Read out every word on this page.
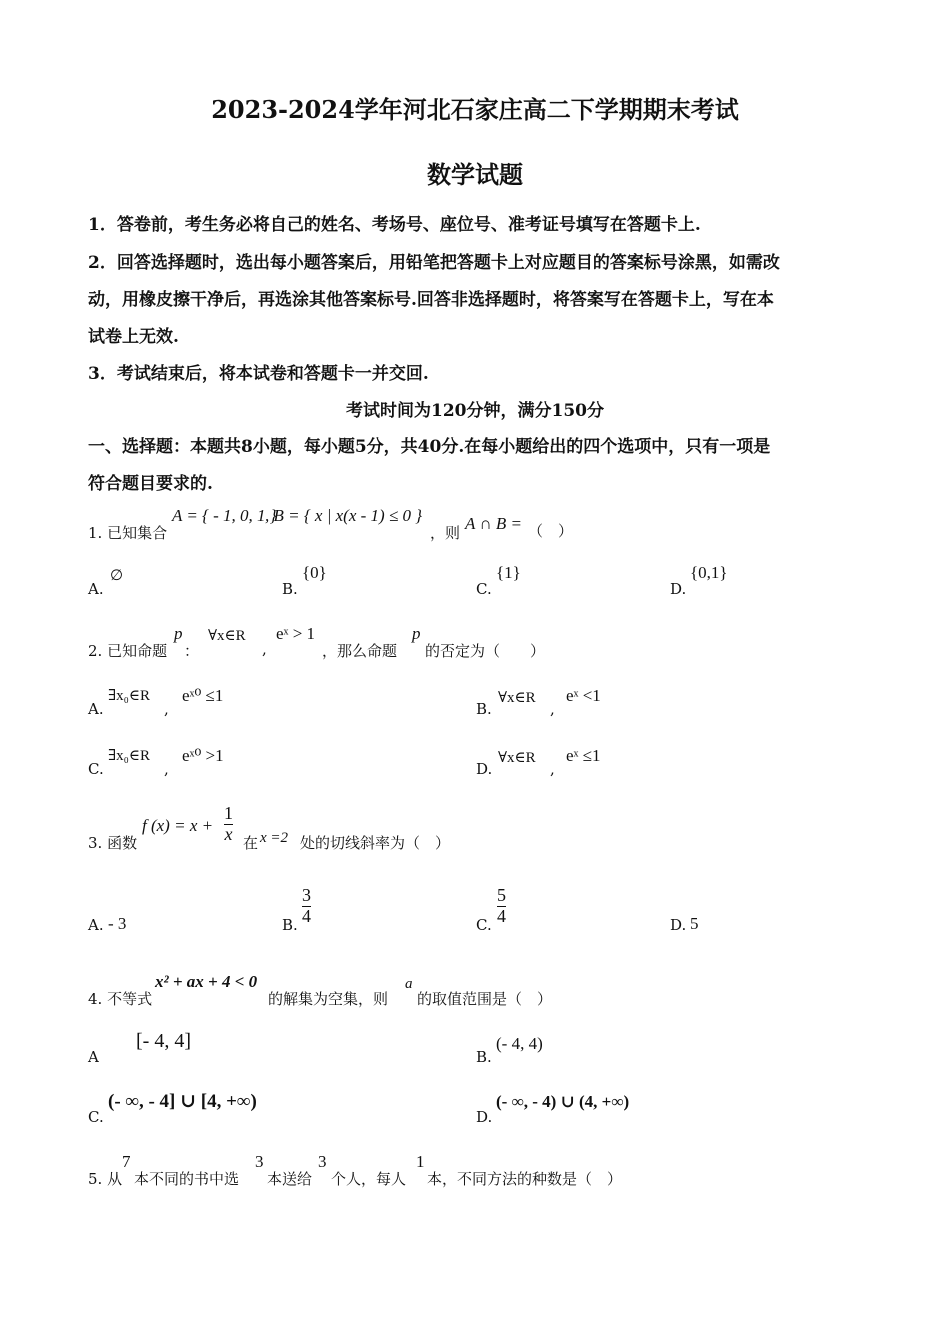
2023-2024学年河北石家庄高二下学期期末考试
数学试题
1．答卷前，考生务必将自己的姓名、考场号、座位号、准考证号填写在答题卡上.
2．回答选择题时，选出每小题答案后，用铅笔把答题卡上对应题目的答案标号涂黑，如需改
动，用橡皮擦干净后，再选涂其他答案标号.回答非选择题时，将答案写在答题卡上，写在本
试卷上无效.
3．考试结束后，将本试卷和答题卡一并交回.
考试时间为120分钟，满分150分
一、选择题：本题共8小题，每小题5分，共40分.在每小题给出的四个选项中，只有一项是
符合题目要求的.
1. 已知集合
A = { - 1, 0, 1 }
, B = { x | x(x - 1) ≤ 0 }
，则 A ∩ B = （　）
A.
∅
B.
{0}
C.
{1}
D.
{0,1}
2. 已知命题
p
：
∀x∈R
,
eˣ > 1
，那么命题
p
的否定为（　　）
A.
∃x₀∈R
,
eˣ⁰ ≤1
B.
∀x∈R
,
eˣ <1
C.
∃x₀∈R
,
eˣ⁰ >1
D.
∀x∈R
,
eˣ ≤1
3. 函数
f (x) = x +
1
x 在 x =2 处的切线斜率为（　）
A. - 3	B.
3
4	C.
5
4	D. 5
4. 不等式
x² + ax + 4 < 0
的解集为空集，则
a
的取值范围是（　）
A
[- 4, 4]
B.
(- 4, 4)
C.
(- ∞, - 4] ∪ [4, +∞)
D.
(- ∞, - 4) ∪ (4, +∞)
5. 从
7
本不同的书中选
3
本送给
3
个人，每人
1
本，不同方法的种数是（　）
